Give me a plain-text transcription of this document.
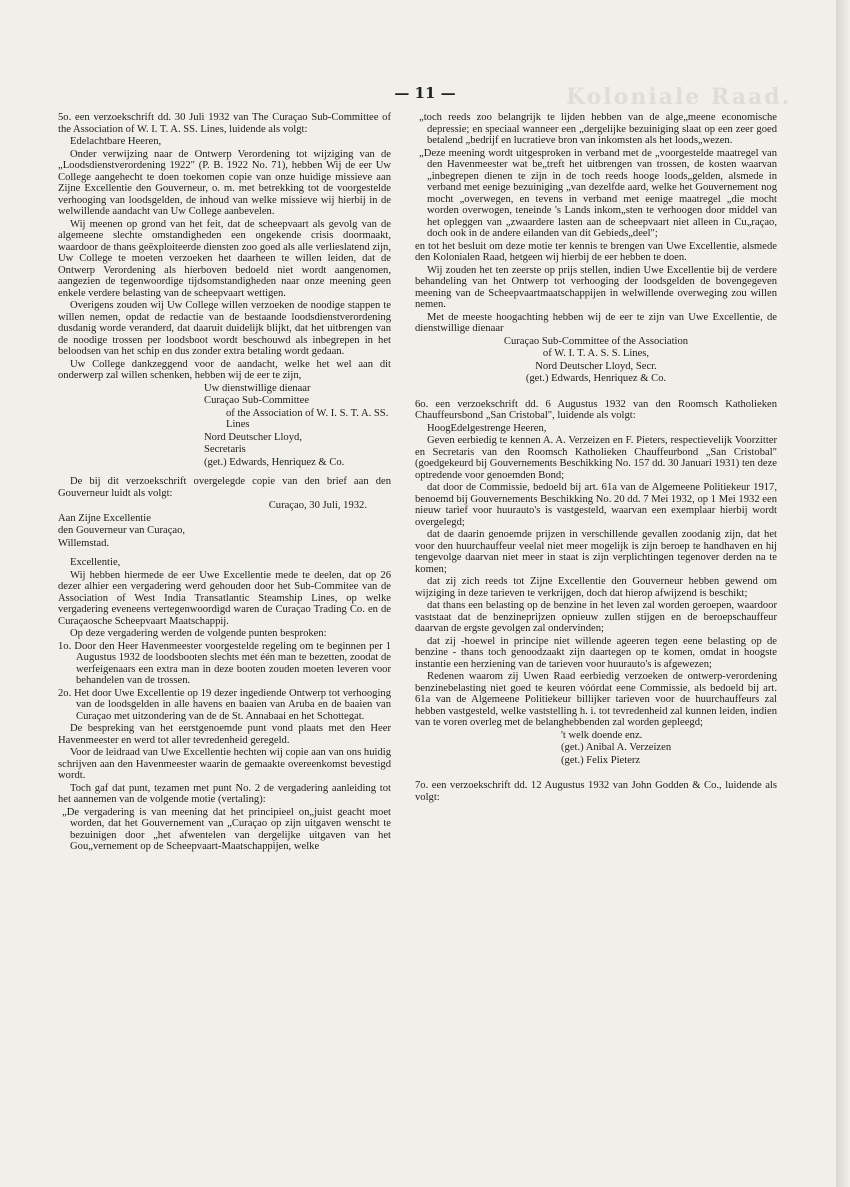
Koloniale Raad.
— 11 —
5o. een verzoekschrift dd. 30 Juli 1932 van The Curaçao Sub-Committee of the Association of W. I. T. A. SS. Lines, luidende als volgt:
Edelachtbare Heeren,
Onder verwijzing naar de Ontwerp Verordening tot wijziging van de „Loodsdienstverordening 1922" (P. B. 1922 No. 71), hebben Wij de eer Uw College aangehecht te doen toekomen copie van onze huidige missieve aan Zijne Excellentie den Gouverneur, o. m. met betrekking tot de voorgestelde verhooging van loodsgelden, de inhoud van welke missieve wij hierbij in de welwillende aandacht van Uw College aanbevelen.
Wij meenen op grond van het feit, dat de scheepvaart als gevolg van de algemeene slechte omstandigheden een ongekende crisis doormaakt, waardoor de thans geëxploiteerde diensten zoo goed als alle verlieslatend zijn, Uw College te moeten verzoeken het daarheen te willen leiden, dat de Ontwerp Verordening als hierboven bedoeld niet wordt aangenomen, aangezien de tegenwoordige tijdsomstandigheden naar onze meening geen enkele verdere belasting van de scheepvaart wettigen.
Overigens zouden wij Uw College willen verzoeken de noodige stappen te willen nemen, opdat de redactie van de bestaande loodsdienstverordening dusdanig worde veranderd, dat daaruit duidelijk blijkt, dat het uitbrengen van de noodige trossen per loodsboot wordt beschouwd als inbegrepen in het beloodsen van het schip en dus zonder extra betaling wordt gedaan.
Uw College dankzeggend voor de aandacht, welke het wel aan dit onderwerp zal willen schenken, hebben wij de eer te zijn,
Uw dienstwillige dienaar
Curaçao Sub-Committee
of the Association of W. I. S. T. A. SS. Lines
Nord Deutscher Lloyd,
Secretaris
(get.) Edwards, Henriquez & Co.
De bij dit verzoekschrift overgelegde copie van den brief aan den Gouverneur luidt als volgt:
Curaçao, 30 Juli, 1932.
Aan Zijne Excellentie
den Gouverneur van Curaçao,
Willemstad.
Excellentie,
Wij hebben hiermede de eer Uwe Excellentie mede te deelen, dat op 26 dezer alhier een vergadering werd gehouden door het Sub-Commitee van de Association of West India Transatlantic Steamship Lines, op welke vergadering eveneens vertegenwoordigd waren de Curaçao Trading Co. en de Curaçaosche Scheepvaart Maatschappij.
Op deze vergadering werden de volgende punten besproken:
1o. Door den Heer Havenmeester voorgestelde regeling om te beginnen per 1 Augustus 1932 de loodsbooten slechts met één man te bezetten, zoodat de werfeigenaars een extra man in deze booten zouden moeten leveren voor behandelen van de trossen.
2o. Het door Uwe Excellentie op 19 dezer ingediende Ontwerp tot verhooging van de loodsgelden in alle havens en baaien van Aruba en de baaien van Curaçao met uitzondering van de de St. Annabaai en het Schottegat.
De bespreking van het eerstgenoemde punt vond plaats met den Heer Havenmeester en werd tot aller tevredenheid geregeld.
Voor de leidraad van Uwe Excellentie hechten wij copie aan van ons huidig schrijven aan den Havenmeester waarin de gemaakte overeenkomst bevestigd wordt.
Toch gaf dat punt, tezamen met punt No. 2 de vergadering aanleiding tot het aannemen van de volgende motie (vertaling):
„De vergadering is van meening dat het principieel on„juist geacht moet worden, dat het Gouvernement van „Curaçao op zijn uitgaven wenscht te bezuinigen door „het afwentelen van dergelijke uitgaven van het Gou„vernement op de Scheepvaart-Maatschappijen, welke
„toch reeds zoo belangrijk te lijden hebben van de alge„meene economische depressie; en speciaal wanneer een „dergelijke bezuiniging slaat op een zeer goed betalend „bedrijf en lucratieve bron van inkomsten als het loods„wezen.
„Deze meening wordt uitgesproken in verband met de „voorgestelde maatregel van den Havenmeester wat be„treft het uitbrengen van trossen, de kosten waarvan „inbegrepen dienen te zijn in de toch reeds hooge loods„gelden, alsmede in verband met eenige bezuiniging „van dezelfde aard, welke het Gouvernement nog mocht „overwegen, en tevens in verband met eenige maatregel „die mocht worden overwogen, teneinde 's Lands inkom„sten te verhoogen door middel van het opleggen van „zwaardere lasten aan de scheepvaart niet alleen in Cu„raçao, doch ook in de andere eilanden van dit Gebieds„deel";
en tot het besluit om deze motie ter kennis te brengen van Uwe Excellentie, alsmede den Kolonialen Raad, hetgeen wij hierbij de eer hebben te doen.
Wij zouden het ten zeerste op prijs stellen, indien Uwe Excellentie bij de verdere behandeling van het Ontwerp tot verhooging der loodsgelden de bovengegeven meening van de Scheepvaartmaatschappijen in welwillende overweging zou willen nemen.
Met de meeste hoogachting hebben wij de eer te zijn van Uwe Excellentie, de dienstwillige dienaar
Curaçao Sub-Committee of the Association
of W. I. T. A. S. S. Lines,
Nord Deutscher Lloyd, Secr.
(get.) Edwards, Henriquez & Co.
6o. een verzoekschrift dd. 6 Augustus 1932 van den Roomsch Katholieken Chauffeursbond „San Cristobal", luidende als volgt:
HoogEdelgestrenge Heeren,
Geven eerbiedig te kennen A. A. Verzeizen en F. Pieters, respectievelijk Voorzitter en Secretaris van den Roomsch Katholieken Chauffeurbond „San Cristobal" (goedgekeurd bij Gouvernements Beschikking No. 157 dd. 30 Januari 1931) ten deze optredende voor genoemden Bond;
dat door de Commissie, bedoeld bij art. 61a van de Algemeene Politiekeur 1917, benoemd bij Gouvernements Beschikking No. 20 dd. 7 Mei 1932, op 1 Mei 1932 een nieuw tarief voor huurauto's is vastgesteld, waarvan een exemplaar hierbij wordt overgelegd;
dat de daarin genoemde prijzen in verschillende gevallen zoodanig zijn, dat het voor den huurchauffeur veelal niet meer mogelijk is zijn beroep te handhaven en hij tengevolge daarvan niet meer in staat is zijn verplichtingen tegenover derden na te komen;
dat zij zich reeds tot Zijne Excellentie den Gouverneur hebben gewend om wijziging in deze tarieven te verkrijgen, doch dat hierop afwijzend is beschikt;
dat thans een belasting op de benzine in het leven zal worden geroepen, waardoor vaststaat dat de benzineprijzen opnieuw zullen stijgen en de beroepschauffeur daarvan de ergste gevolgen zal ondervinden;
dat zij -hoewel in principe niet willende ageeren tegen eene belasting op de benzine - thans toch genoodzaakt zijn daartegen op te komen, omdat in hoogste instantie een herziening van de tarieven voor huurauto's is afgewezen;
Redenen waarom zij Uwen Raad eerbiedig verzoeken de ontwerp-verordening benzinebelasting niet goed te keuren vóórdat eene Commissie, als bedoeld bij art. 61a van de Algemeene Politiekeur billijker tarieven voor de huurchauffeurs zal hebben vastgesteld, welke vaststelling h. i. tot tevredenheid zal kunnen leiden, indien van te voren overleg met de belanghebbenden zal worden gepleegd;
't welk doende enz.
(get.) Anibal A. Verzeizen
(get.) Felix Pieterz
7o. een verzoekschrift dd. 12 Augustus 1932 van John Godden & Co., luidende als volgt:
